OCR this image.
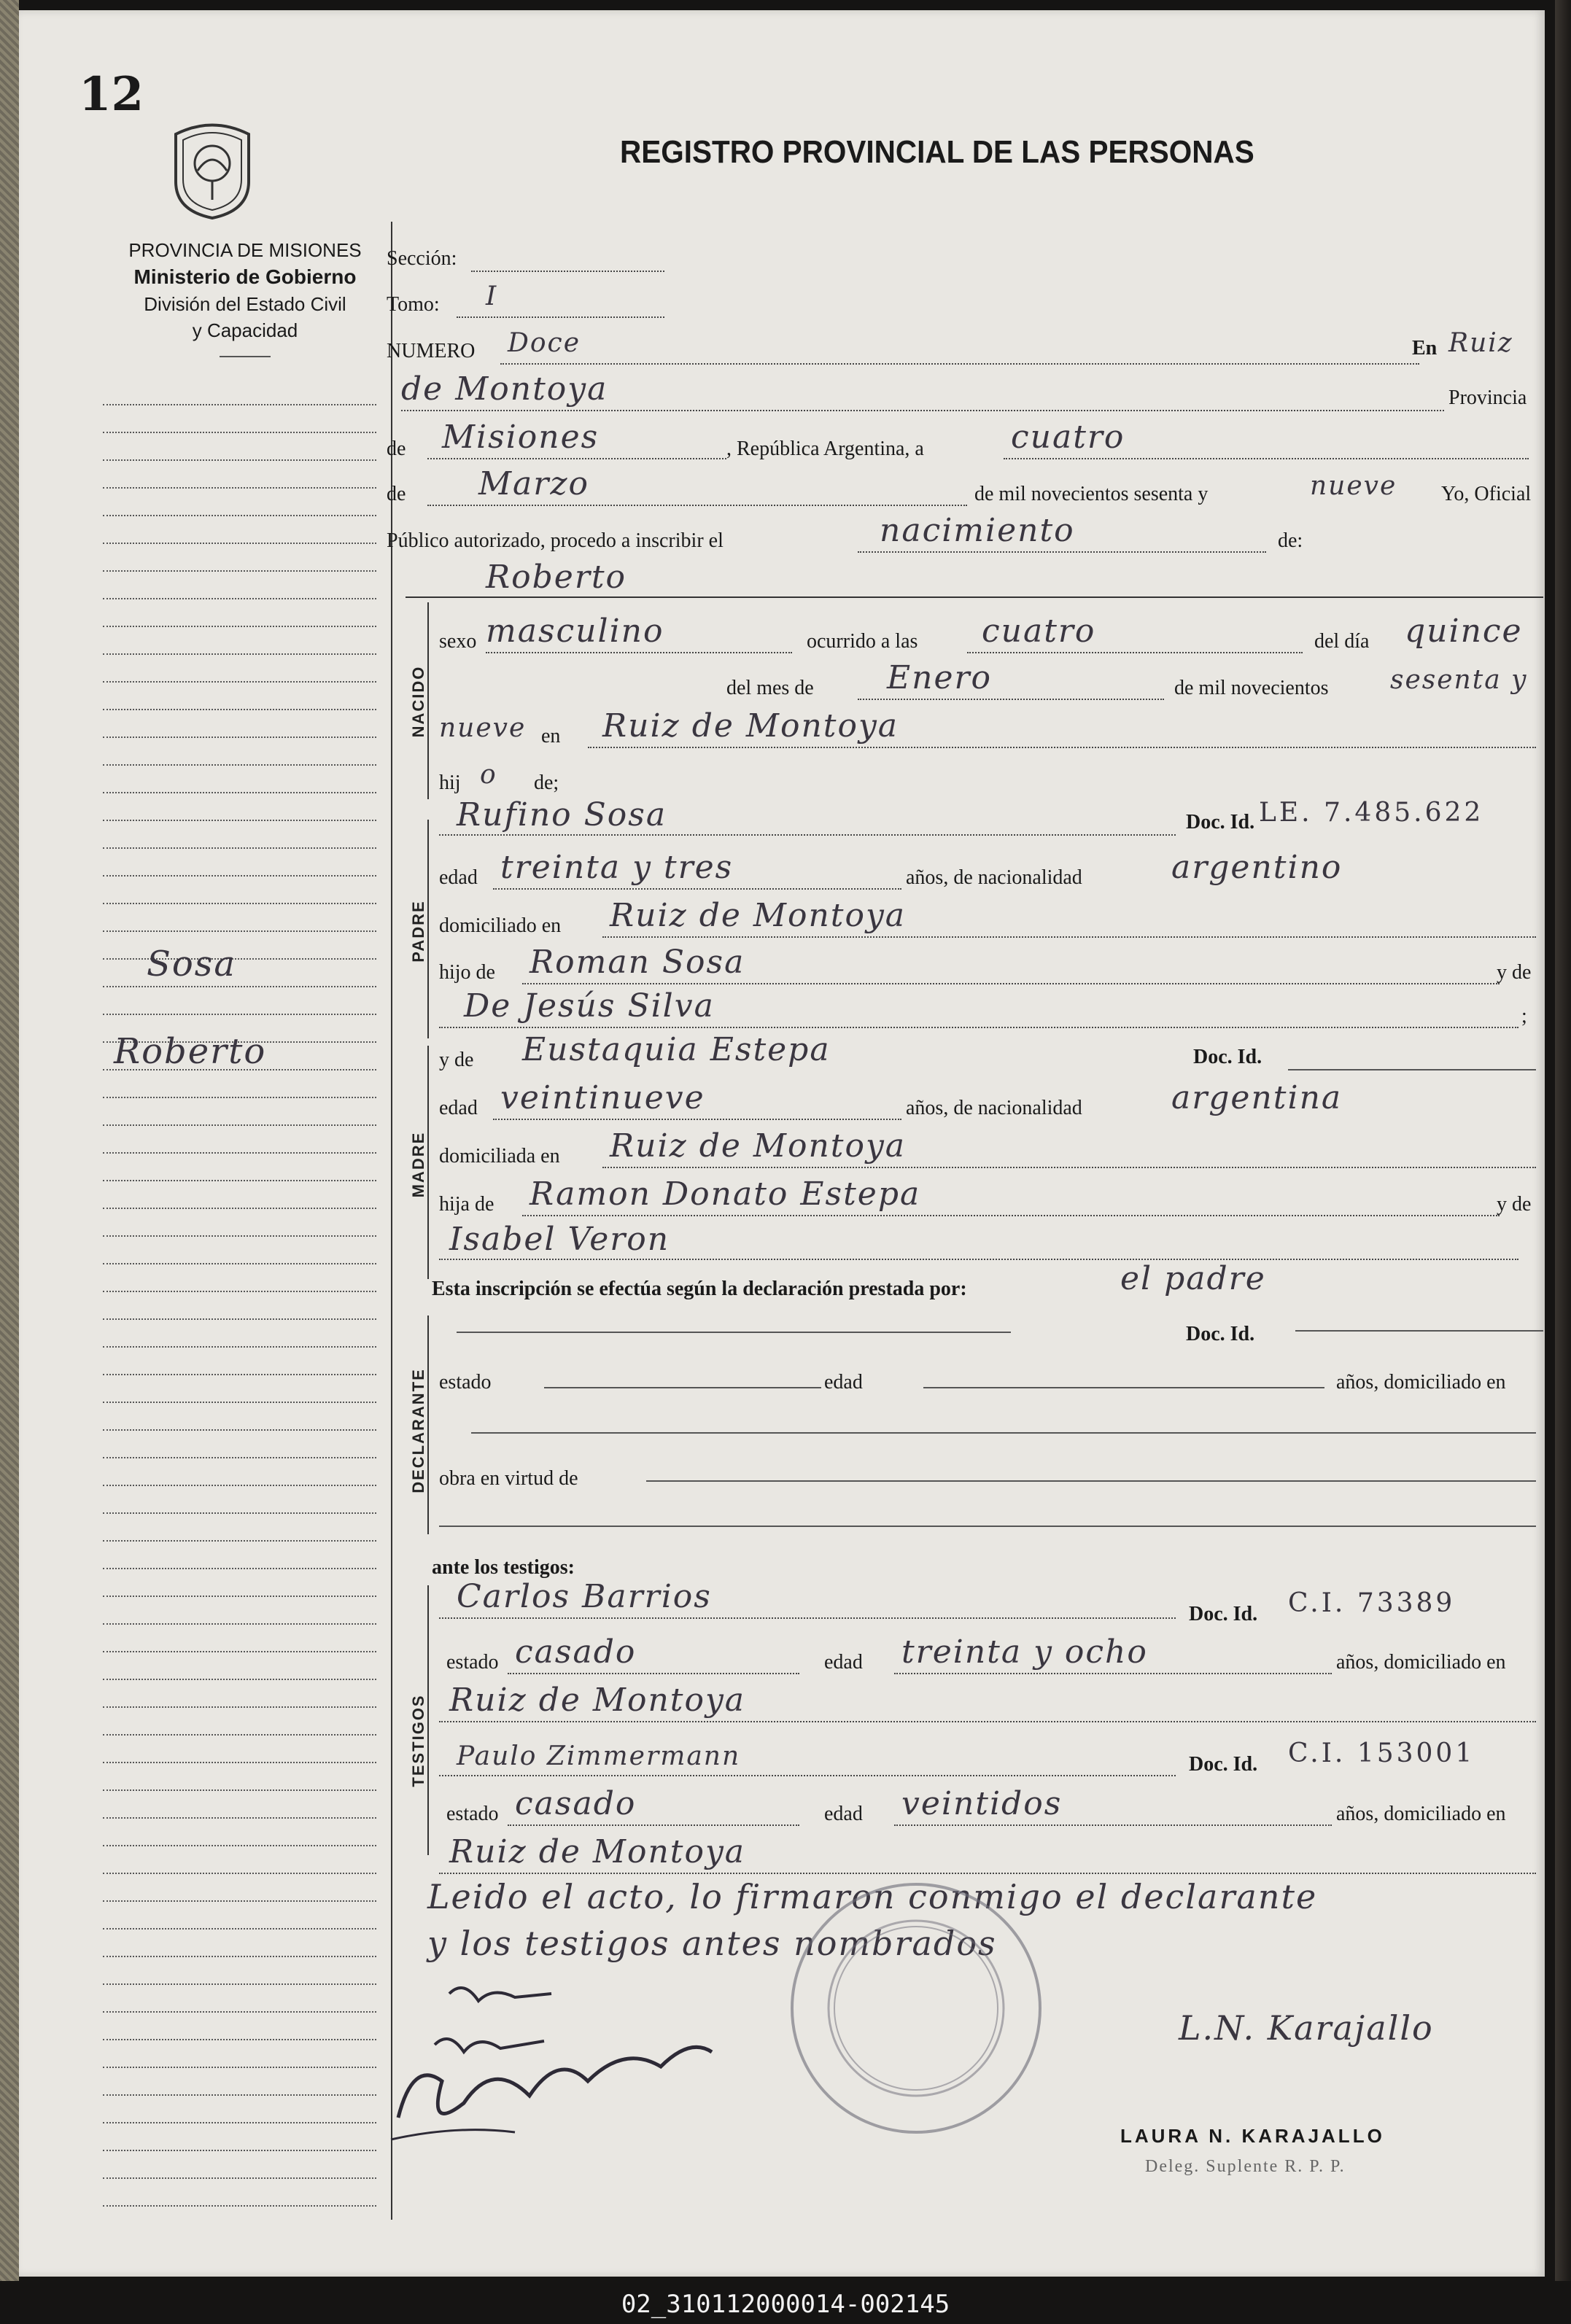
12
REGISTRO PROVINCIAL DE LAS PERSONAS
PROVINCIA DE MISIONES
Ministerio de Gobierno
División del Estado Civil
y Capacidad
Sosa
Roberto
Sección:
Tomo: I
NUMERO Doce	En Ruiz
de Montoya	Provincia
de Misiones	, República Argentina, a	cuatro
de Marzo	de mil novecientos sesenta y	nueve Yo, Oficial
Público autorizado, procedo a inscribir el	nacimiento	de:
Roberto
NACIDO
sexo masculino	ocurrido a las cuatro	del día quince
del mes de Enero	de mil novecientos sesenta y
nueve en Ruiz de Montoya
hij o de;
PADRE
Rufino Sosa	Doc. Id. LE. 7.485.622
edad treinta y tres	años, de nacionalidad	argentino
domiciliado en Ruiz de Montoya
hijo de Roman Sosa	y de
De Jesús Silva	;
MADRE
y de Eustaquia Estepa	Doc. Id.
edad veintinueve	años, de nacionalidad	argentina
domiciliada en Ruiz de Montoya
hija de Ramon Donato Estepa	y de
Isabel Veron
Esta inscripción se efectúa según la declaración prestada por:	el padre
DECLARANTE
Doc. Id.
estado	edad	años, domiciliado en
obra en virtud de
ante los testigos:
TESTIGOS
Carlos Barrios	Doc. Id. C.I. 73389
estado casado	edad treinta y ocho	años, domiciliado en
Ruiz de Montoya
Paulo Zimmermann	Doc. Id. C.I. 153001
estado casado	edad veintidos	años, domiciliado en
Ruiz de Montoya
Leido el acto, lo firmaron conmigo el declarante
y los testigos antes nombrados
L.N. Karajallo
LAURA N. KARAJALLO
Deleg. Suplente R. P. P.
02_310112000014-002145
